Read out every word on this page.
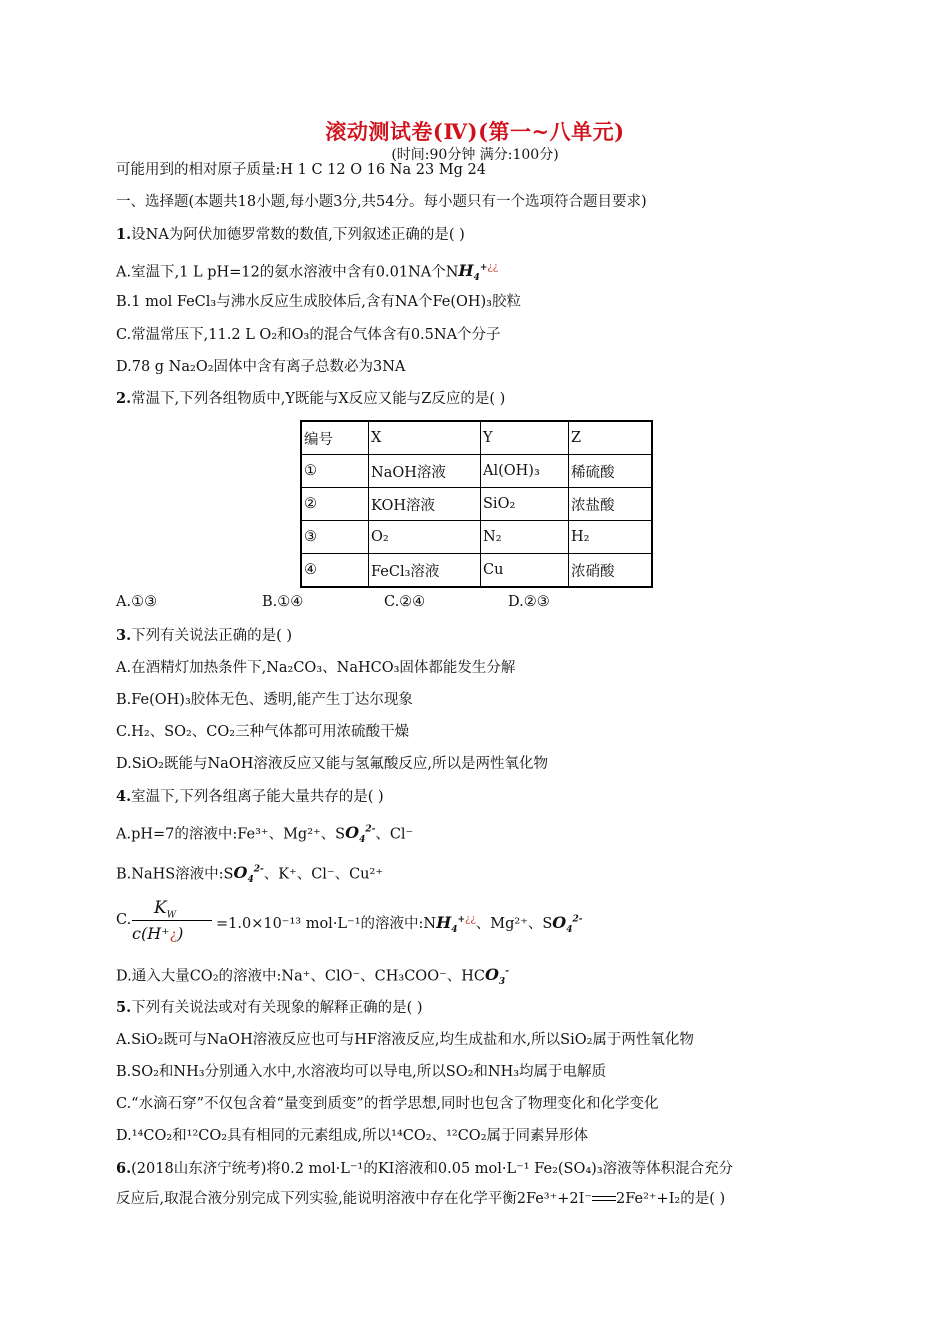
滚动测试卷(Ⅳ)(第一~八单元)
(时间:90分钟 满分:100分)
可能用到的相对原子质量:H 1 C 12 O 16 Na 23 Mg 24
一、选择题(本题共18小题,每小题3分,共54分。每小题只有一个选项符合题目要求)
1.设NA为阿伏加德罗常数的数值,下列叙述正确的是( )
A.室温下,1 L pH=12的氨水溶液中含有0.01NA个$NH_4^{+¿¿}$
B.1 mol FeCl₃与沸水反应生成胶体后,含有NA个Fe(OH)₃胶粒
C.常温常压下,11.2 L O₂和O₃的混合气体含有0.5NA个分子
D.78 g Na₂O₂固体中含有离子总数必为3NA
2.常温下,下列各组物质中,Y既能与X反应又能与Z反应的是( )
编号	X	Y	Z
①	NaOH溶液	Al(OH)₃	稀硫酸
②	KOH溶液	SiO₂	浓盐酸
③	O₂	N₂	H₂
④	FeCl₃溶液	Cu	浓硝酸
A.①③	B.①④	C.②④	D.②③
3.下列有关说法正确的是( )
A.在酒精灯加热条件下,Na₂CO₃、NaHCO₃固体都能发生分解
B.Fe(OH)₃胶体无色、透明,能产生丁达尔现象
C.H₂、SO₂、CO₂三种气体都可用浓硫酸干燥
D.SiO₂既能与NaOH溶液反应又能与氢氟酸反应,所以是两性氧化物
4.室温下,下列各组离子能大量共存的是( )
A.pH=7的溶液中:Fe³⁺、Mg²⁺、$SO_4^{2-}$、Cl⁻
B.NaHS溶液中$:SO_4^{2-}$、K⁺、Cl⁻、Cu²⁺
C.
$K_W$
c(H⁺¿) =1.0×10⁻¹³ mol·L⁻¹的溶液中$:NH_4^{+¿¿}$、Mg²⁺、$SO_4^{2-}$
D.通入大量CO₂的溶液中:Na⁺、ClO⁻、CH₃COO⁻、$HCO_3^-$
5.下列有关说法或对有关现象的解释正确的是( )
A.SiO₂既可与NaOH溶液反应也可与HF溶液反应,均生成盐和水,所以SiO₂属于两性氧化物
B.SO₂和NH₃分别通入水中,水溶液均可以导电,所以SO₂和NH₃均属于电解质
C.“水滴石穿”不仅包含着“量变到质变”的哲学思想,同时也包含了物理变化和化学变化
D.¹⁴CO₂和¹²CO₂具有相同的元素组成,所以¹⁴CO₂、¹²CO₂属于同素异形体
6.(2018山东济宁统考)将0.2 mol·L⁻¹的KI溶液和0.05 mol·L⁻¹ Fe₂(SO₄)₃溶液等体积混合充分
反应后,取混合液分别完成下列实验,能说明溶液中存在化学平衡2Fe³⁺+2I⁻ 2Fe²⁺+I₂的是( )
